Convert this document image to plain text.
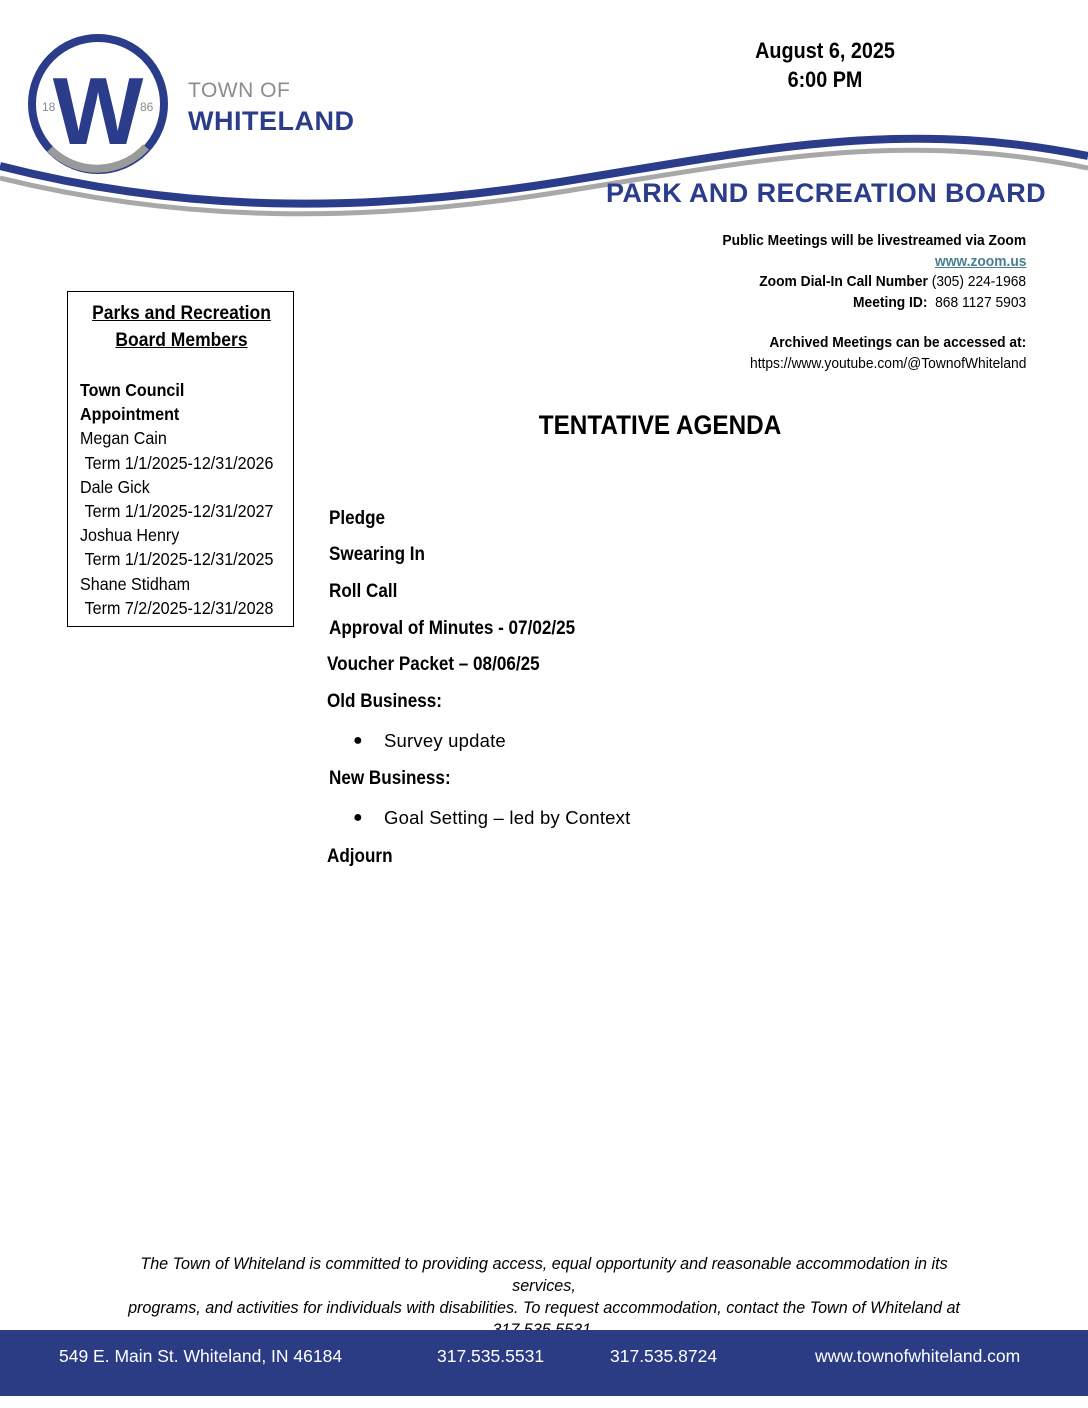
W
18	86
TOWN OF
WHITELAND
August 6, 2025
6:00 PM
PARK AND RECREATION BOARD
Public Meetings will be livestreamed via Zoom
www.zoom.us
Zoom Dial-In Call Number (305) 224-1968
Meeting ID: 868 1127 5903
Archived Meetings can be accessed at:
https://www.youtube.com/@TownofWhiteland
Parks and Recreation
Board Members
Town Council
Appointment
Megan Cain
Term 1/1/2025-12/31/2026
Dale Gick
Term 1/1/2025-12/31/2027
Joshua Henry
Term 1/1/2025-12/31/2025
Shane Stidham
Term 7/2/2025-12/31/2028
TENTATIVE AGENDA
Pledge
Swearing In
Roll Call
Approval of Minutes - 07/02/25
Voucher Packet – 08/06/25
Old Business:
● Survey update
New Business:
● Goal Setting – led by Context
Adjourn
The Town of Whiteland is committed to providing access, equal opportunity and reasonable accommodation in its services,
programs, and activities for individuals with disabilities. To request accommodation, contact the Town of Whiteland at
549 E. Main St. Whiteland, IN 46184	317.535.5531	317.535.8724	www.townofwhiteland.com
